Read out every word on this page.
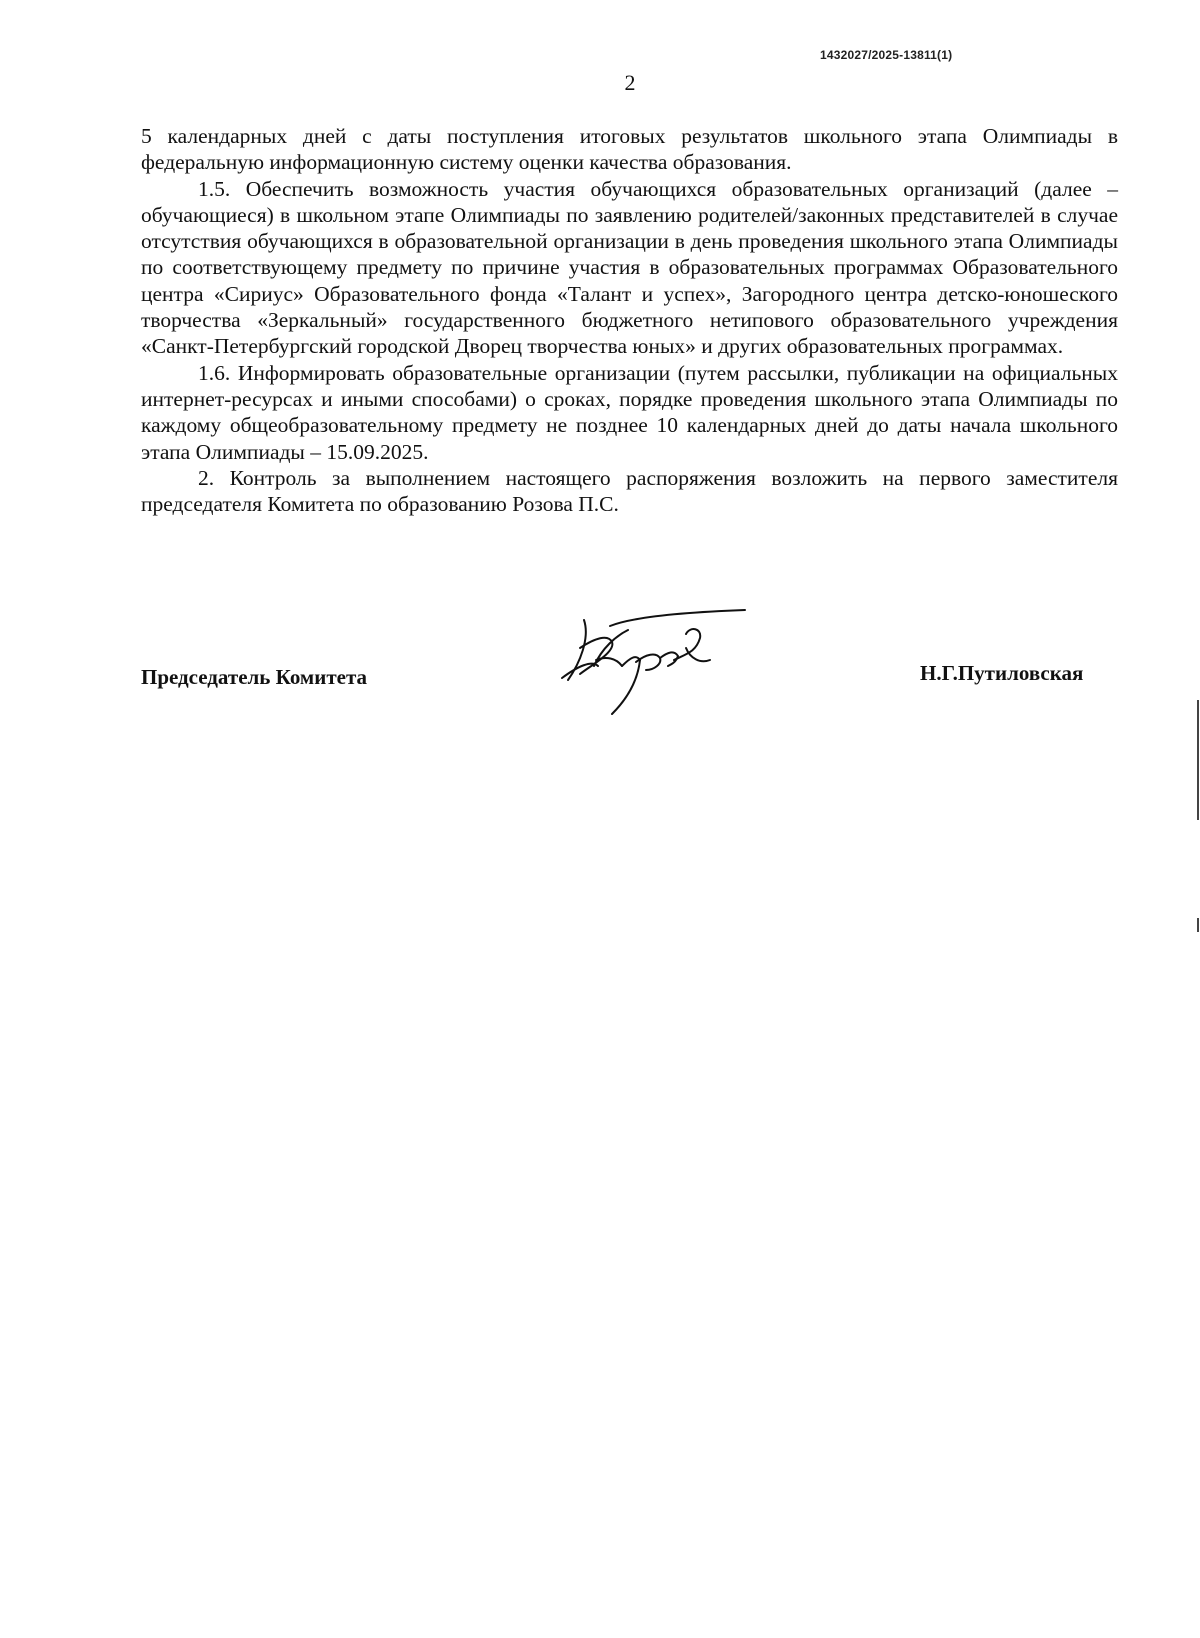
1432027/2025-13811(1)
2

5 календарных дней с даты поступления итоговых результатов школьного этапа Олимпиады в федеральную информационную систему оценки качества образования.

1.5. Обеспечить возможность участия обучающихся образовательных организаций (далее – обучающиеся) в школьном этапе Олимпиады по заявлению родителей/законных представителей в случае отсутствия обучающихся в образовательной организации в день проведения школьного этапа Олимпиады по соответствующему предмету по причине участия в образовательных программах Образовательного центра «Сириус» Образовательного фонда «Талант и успех», Загородного центра детско-юношеского творчества «Зеркальный» государственного бюджетного нетипового образовательного учреждения «Санкт-Петербургский городской Дворец творчества юных» и других образовательных программах.

1.6. Информировать образовательные организации (путем рассылки, публикации на официальных интернет-ресурсах и иными способами) о сроках, порядке проведения школьного этапа Олимпиады по каждому общеобразовательному предмету не позднее 10 календарных дней до даты начала школьного этапа Олимпиады – 15.09.2025.

2. Контроль за выполнением настоящего распоряжения возложить на первого заместителя председателя Комитета по образованию Розова П.С.

Председатель Комитета	Н.Г.Путиловская
